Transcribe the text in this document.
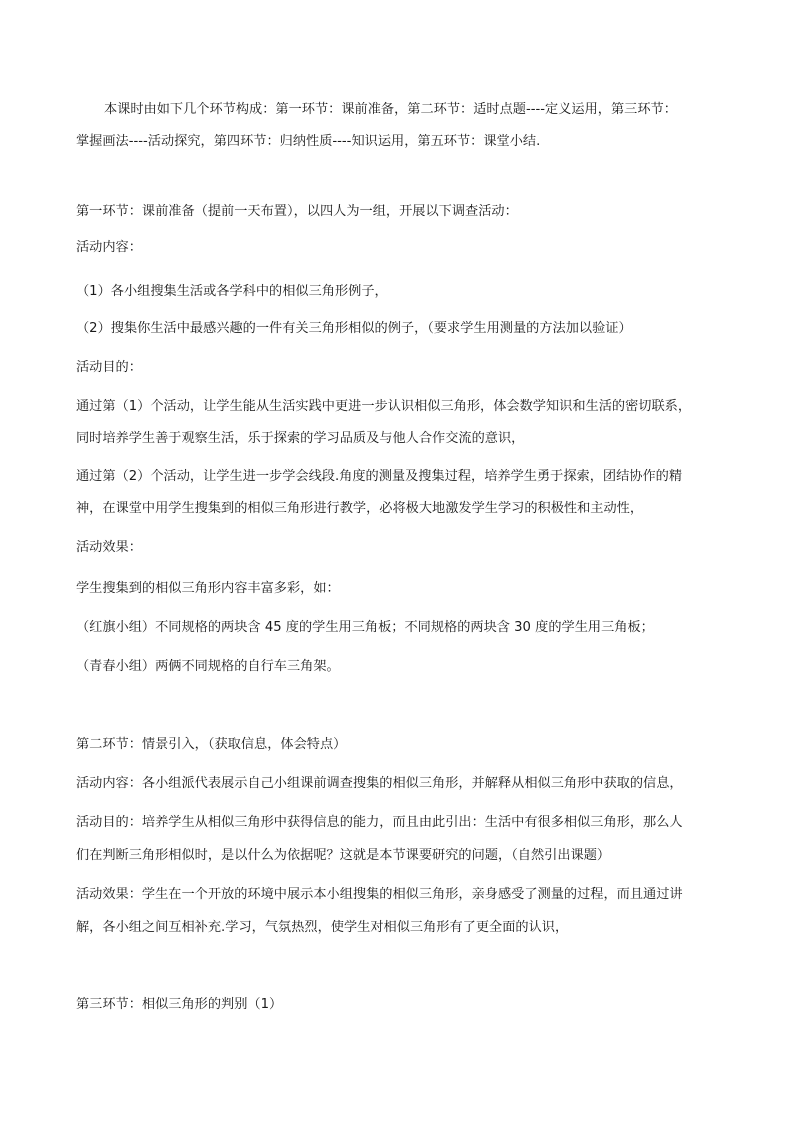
本课时由如下几个环节构成：第一环节：课前准备，第二环节：适时点题----定义运用，第三环节：
掌握画法----活动探究，第四环节：归纳性质----知识运用，第五环节：课堂小结.
第一环节：课前准备（提前一天布置），以四人为一组，开展以下调查活动：
活动内容：
（1）各小组搜集生活或各学科中的相似三角形例子，
（2）搜集你生活中最感兴趣的一件有关三角形相似的例子，（要求学生用测量的方法加以验证）
活动目的：
通过第（1）个活动，让学生能从生活实践中更进一步认识相似三角形，体会数学知识和生活的密切联系，
同时培养学生善于观察生活，乐于探索的学习品质及与他人合作交流的意识，
通过第（2）个活动，让学生进一步学会线段.角度的测量及搜集过程，培养学生勇于探索，团结协作的精
神，在课堂中用学生搜集到的相似三角形进行教学，必将极大地激发学生学习的积极性和主动性，
活动效果：
学生搜集到的相似三角形内容丰富多彩，如：
（红旗小组）不同规格的两块含 45 度的学生用三角板；不同规格的两块含 30 度的学生用三角板；
（青春小组）两俩不同规格的自行车三角架。
第二环节：情景引入，（获取信息，体会特点）
活动内容：各小组派代表展示自己小组课前调查搜集的相似三角形，并解释从相似三角形中获取的信息，
活动目的：培养学生从相似三角形中获得信息的能力，而且由此引出：生活中有很多相似三角形，那么人
们在判断三角形相似时，是以什么为依据呢？这就是本节课要研究的问题，（自然引出课题）
活动效果：学生在一个开放的环境中展示本小组搜集的相似三角形，亲身感受了测量的过程，而且通过讲
解，各小组之间互相补充.学习，气氛热烈，使学生对相似三角形有了更全面的认识，
第三环节：相似三角形的判别（1）
